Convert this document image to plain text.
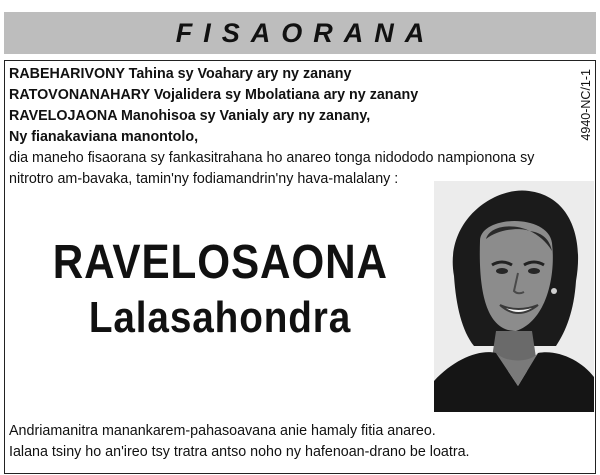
FISAORANA
RABEHARIVONY Tahina sy Voahary ary ny zanany
RATOVONANAHARY Vojalidera sy Mbolatiana ary ny zanany
RAVELOJAONA Manohisoa sy Vanialy ary ny zanany,
Ny fianakaviana manontolo,	4940-NC/1-1
dia maneho fisaorana sy fankasitrahana ho anareo tonga nidododo nampionona sy
nitrotro am-bavaka, tamin'ny fodiamandrin'ny hava-malalany :
RAVELOSAONA
Lalasahondra
Andriamanitra manankarem-pahasoavana anie hamaly fitia anareo.
Ialana tsiny ho an'ireo tsy tratra antso noho ny hafenoan-drano be loatra.
